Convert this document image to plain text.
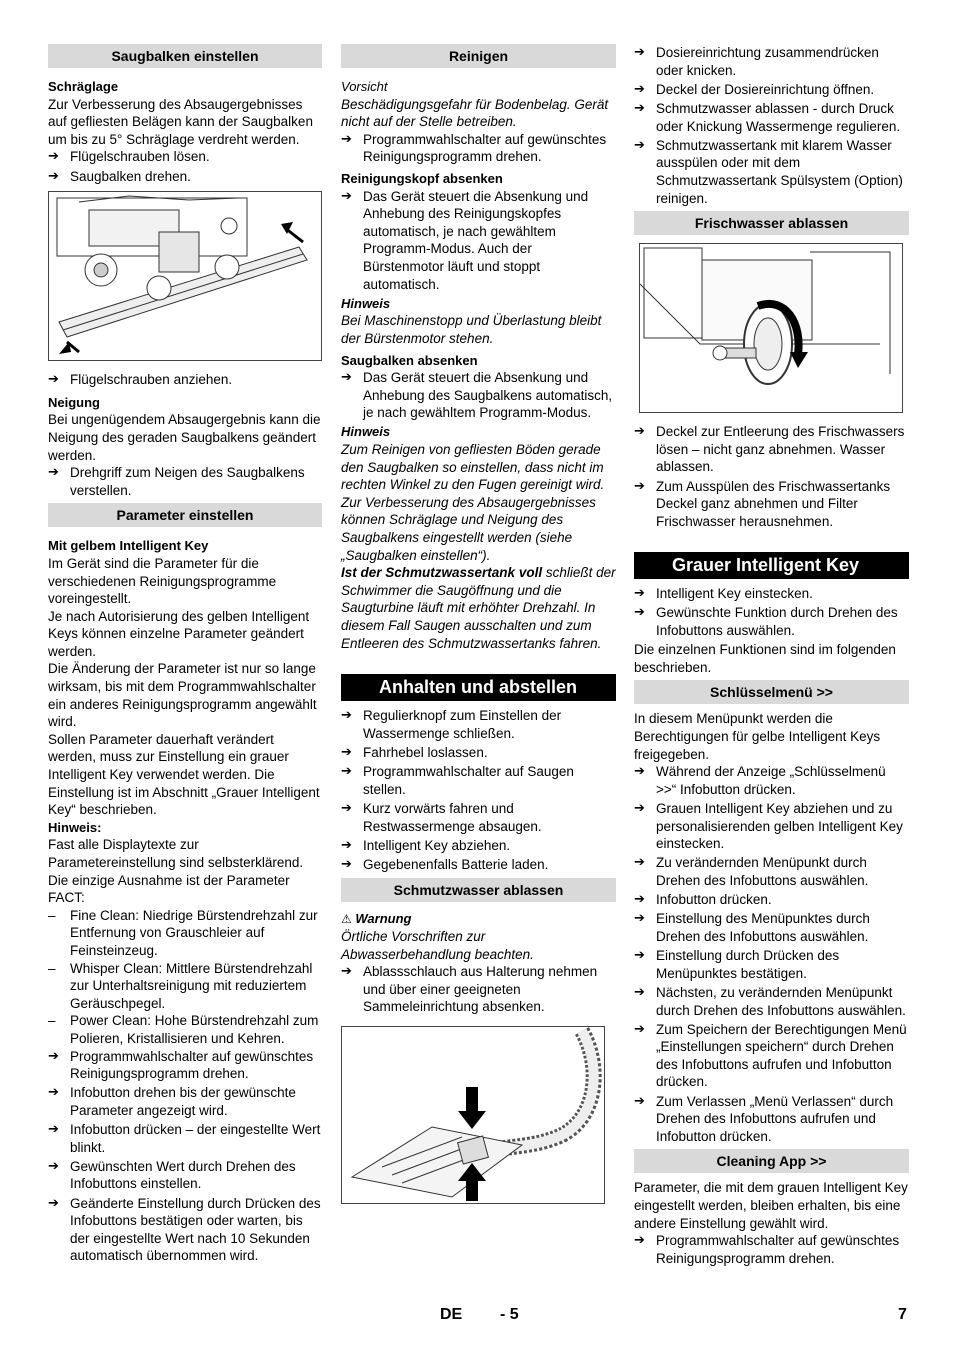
Saugbalken einstellen
Schräglage

Zur Verbesserung des Absaugergebnisses auf gefliesten Belägen kann der Saugbalken um bis zu 5° Schräglage verdreht werden.

➔ Flügelschrauben lösen.
➔ Saugbalken drehen.
➔ Flügelschrauben anziehen.
Neigung

Bei ungenügendem Absaugergebnis kann die Neigung des geraden Saugbalkens geändert werden.

➔ Drehgriff zum Neigen des Saugbalkens verstellen.
Parameter einstellen
Mit gelbem Intelligent Key

Im Gerät sind die Parameter für die verschiedenen Reinigungsprogramme voreingestellt.

Je nach Autorisierung des gelben Intelligent Keys können einzelne Parameter geändert werden.

Die Änderung der Parameter ist nur so lange wirksam, bis mit dem Programmwahlschalter ein anderes Reinigungsprogramm angewählt wird.

Sollen Parameter dauerhaft verändert werden, muss zur Einstellung ein grauer Intelligent Key verwendet werden. Die Einstellung ist im Abschnitt „Grauer Intelligent Key“ beschrieben.

Hinweis:

Fast alle Displaytexte zur Parametereinstellung sind selbsterklärend. Die einzige Ausnahme ist der Parameter FACT:

– Fine Clean: Niedrige Bürstendrehzahl zur Entfernung von Grauschleier auf Feinsteinzeug.
– Whisper Clean: Mittlere Bürstendrehzahl zur Unterhaltsreinigung mit reduziertem Geräuschpegel.
– Power Clean: Hohe Bürstendrehzahl zum Polieren, Kristallisieren und Kehren.
➔ Programmwahlschalter auf gewünschtes Reinigungsprogramm drehen.
➔ Infobutton drehen bis der gewünschte Parameter angezeigt wird.
➔ Infobutton drücken – der eingestellte Wert blinkt.
➔ Gewünschten Wert durch Drehen des Infobuttons einstellen.
➔ Geänderte Einstellung durch Drücken des Infobuttons bestätigen oder warten, bis der eingestellte Wert nach 10 Sekunden automatisch übernommen wird.
Reinigen
Vorsicht

Beschädigungsgefahr für Bodenbelag. Gerät nicht auf der Stelle betreiben.

➔ Programmwahlschalter auf gewünschtes Reinigungsprogramm drehen.
Reinigungskopf absenken
➔ Das Gerät steuert die Absenkung und Anhebung des Reinigungskopfes automatisch, je nach gewähltem Programm-Modus. Auch der Bürstenmotor läuft und stoppt automatisch.
Hinweis

Bei Maschinenstopp und Überlastung bleibt der Bürstenmotor stehen.

Saugbalken absenken
➔ Das Gerät steuert die Absenkung und Anhebung des Saugbalkens automatisch, je nach gewähltem Programm-Modus.
Hinweis

Zum Reinigen von gefliesten Böden gerade den Saugbalken so einstellen, dass nicht im rechten Winkel zu den Fugen gereinigt wird.

Zur Verbesserung des Absaugergebnisses können Schräglage und Neigung des Saugbalkens eingestellt werden (siehe „Saugbalken einstellen“).

Ist der Schmutzwassertank voll schließt der Schwimmer die Saugöffnung und die Saugturbine läuft mit erhöhter Drehzahl. In diesem Fall Saugen ausschalten und zum Entleeren des Schmutzwassertanks fahren.

Anhalten und abstellen
➔ Regulierknopf zum Einstellen der Wassermenge schließen.
➔ Fahrhebel loslassen.
➔ Programmwahlschalter auf Saugen stellen.
➔ Kurz vorwärts fahren und Restwassermenge absaugen.
➔ Intelligent Key abziehen.
➔ Gegebenenfalls Batterie laden.
Schmutzwasser ablassen
⚠ Warnung

Örtliche Vorschriften zur Abwasserbehandlung beachten.

➔ Ablassschlauch aus Halterung nehmen und über einer geeigneten Sammeleinrichtung absenken.
➔ Dosiereinrichtung zusammendrücken oder knicken.
➔ Deckel der Dosiereinrichtung öffnen.
➔ Schmutzwasser ablassen - durch Druck oder Knickung Wassermenge regulieren.
➔ Schmutzwassertank mit klarem Wasser ausspülen oder mit dem Schmutzwassertank Spülsystem (Option) reinigen.
Frischwasser ablassen
➔ Deckel zur Entleerung des Frischwassers lösen – nicht ganz abnehmen. Wasser ablassen.
➔ Zum Ausspülen des Frischwassertanks Deckel ganz abnehmen und Filter Frischwasser herausnehmen.
Grauer Intelligent Key
➔ Intelligent Key einstecken.
➔ Gewünschte Funktion durch Drehen des Infobuttons auswählen.

Die einzelnen Funktionen sind im folgenden beschrieben.

Schlüsselmenü >>

In diesem Menüpunkt werden die Berechtigungen für gelbe Intelligent Keys freigegeben.

➔ Während der Anzeige „Schlüsselmenü >>“ Infobutton drücken.
➔ Grauen Intelligent Key abziehen und zu personalisierenden gelben Intelligent Key einstecken.
➔ Zu verändernden Menüpunkt durch Drehen des Infobuttons auswählen.
➔ Infobutton drücken.
➔ Einstellung des Menüpunktes durch Drehen des Infobuttons auswählen.
➔ Einstellung durch Drücken des Menüpunktes bestätigen.
➔ Nächsten, zu verändernden Menüpunkt durch Drehen des Infobuttons auswählen.
➔ Zum Speichern der Berechtigungen Menü „Einstellungen speichern“ durch Drehen des Infobuttons aufrufen und Infobutton drücken.
➔ Zum Verlassen „Menü Verlassen“ durch Drehen des Infobuttons aufrufen und Infobutton drücken.
Cleaning App >>

Parameter, die mit dem grauen Intelligent Key eingestellt werden, bleiben erhalten, bis eine andere Einstellung gewählt wird.

➔ Programmwahlschalter auf gewünschtes Reinigungsprogramm drehen.
DE - 5	7
